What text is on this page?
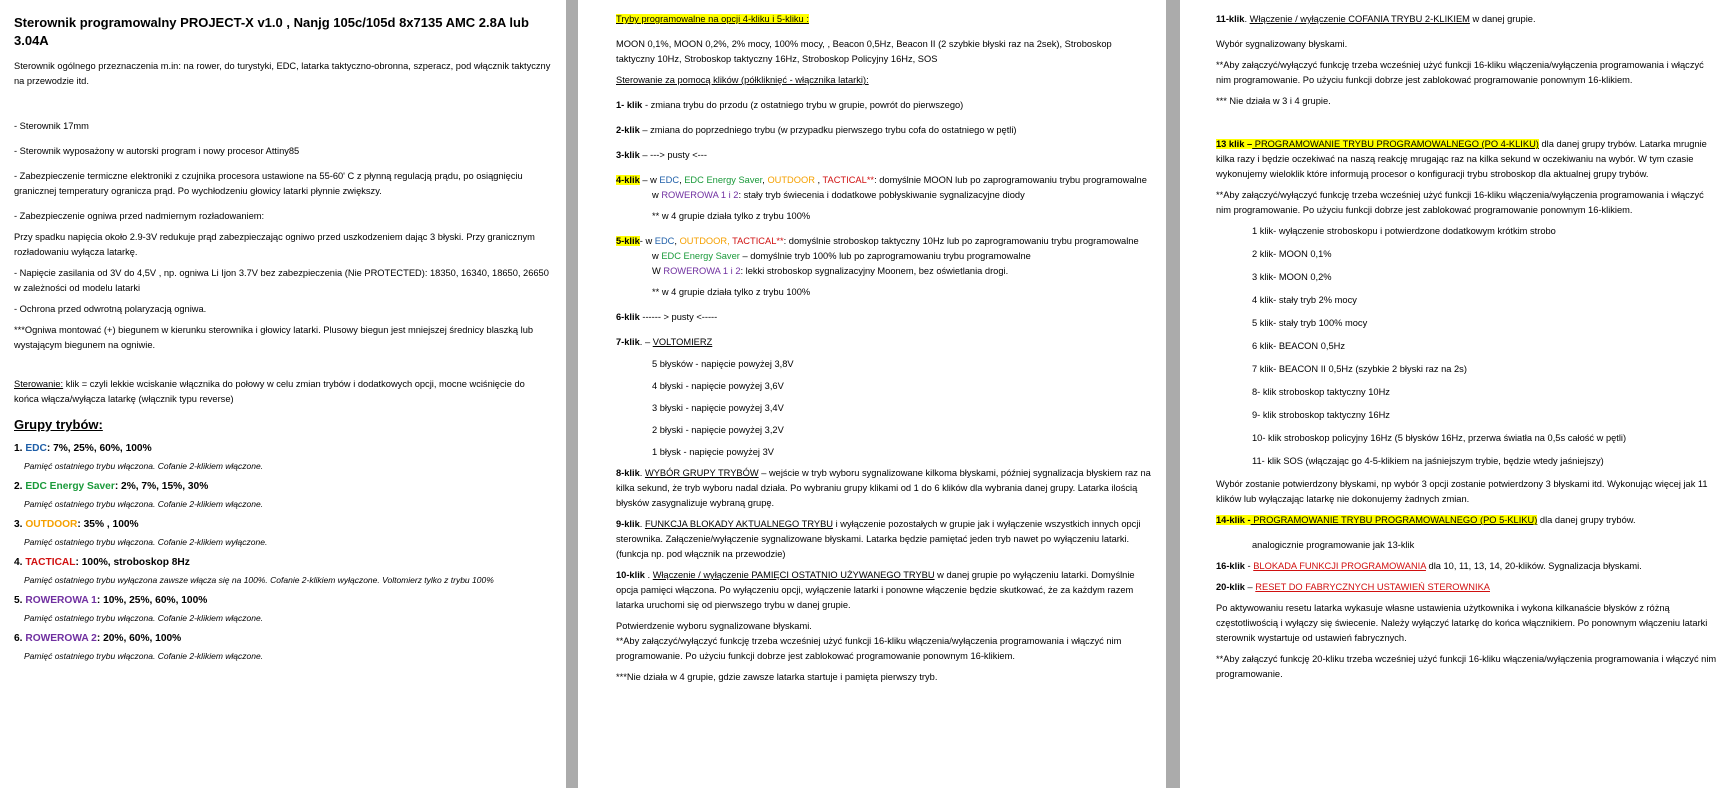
Sterownik programowalny PROJECT-X v1.0 , Nanjg 105c/105d 8x7135 AMC 2.8A lub 3.04A

Sterownik ogólnego przeznaczenia m.in: na rower, do turystyki, EDC, latarka taktyczno-obronna, szperacz, pod włącznik taktyczny na przewodzie itd.

- Sterownik 17mm

- Sterownik wyposażony w autorski program i nowy procesor Attiny85

- Zabezpieczenie termiczne elektroniki z czujnika procesora ustawione na 55-60' C z płynną regulacją prądu, po osiągnięciu granicznej temperatury ogranicza prąd. Po wychłodzeniu głowicy latarki płynnie zwiększy.

- Zabezpieczenie ogniwa przed nadmiernym rozładowaniem:

Przy spadku napięcia około 2.9-3V redukuje prąd zabezpieczając ogniwo przed uszkodzeniem dając 3 błyski. Przy granicznym rozładowaniu wyłącza latarkę.

- Napięcie zasilania od 3V do 4,5V , np. ogniwa Li Ijon 3.7V bez zabezpieczenia (Nie PROTECTED): 18350, 16340, 18650, 26650 w zależności od modelu latarki

- Ochrona przed odwrotną polaryzacją ogniwa.

***Ogniwa montować (+) biegunem w kierunku sterownika i głowicy latarki. Plusowy biegun jest mniejszej średnicy blaszką lub wystającym biegunem na ogniwie.

Sterowanie: klik = czyli lekkie wciskanie włącznika do połowy w celu zmian trybów i dodatkowych opcji, mocne wciśnięcie do końca włącza/wyłącza latarkę (włącznik typu reverse)

Grupy trybów:

1. EDC: 7%, 25%, 60%, 100%

Pamięć ostatniego trybu włączona. Cofanie 2-klikiem włączone.

2. EDC Energy Saver: 2%, 7%, 15%, 30%

Pamięć ostatniego trybu włączona. Cofanie 2-klikiem włączone.

3. OUTDOOR: 35% , 100%

Pamięć ostatniego trybu włączona. Cofanie 2-klikiem wyłączone.

4. TACTICAL: 100%, stroboskop 8Hz

Pamięć ostatniego trybu wyłączona zawsze włącza się na 100%. Cofanie 2-klikiem wyłączone. Voltomierz tylko z trybu 100%

5. ROWEROWA 1: 10%, 25%, 60%, 100%

Pamięć ostatniego trybu włączona. Cofanie 2-klikiem włączone.

6. ROWEROWA 2: 20%, 60%, 100%

Pamięć ostatniego trybu włączona. Cofanie 2-klikiem włączone.

Tryby programowalne na opcji 4-kliku i 5-kliku :

MOON 0,1%, MOON 0,2%, 2% mocy, 100% mocy, , Beacon 0,5Hz, Beacon II (2 szybkie błyski raz na 2sek), Stroboskop taktyczny 10Hz, Stroboskop taktyczny 16Hz, Stroboskop Policyjny 16Hz, SOS

Sterowanie za pomocą klików (półkliknięć - włącznika latarki):

1- klik - zmiana trybu do przodu (z ostatniego trybu w grupie, powrót do pierwszego)

2-klik – zmiana do poprzedniego trybu (w przypadku pierwszego trybu cofa do ostatniego w pętli)

3-klik – ---> pusty <---

4-klik – w EDC, EDC Energy Saver, OUTDOOR , TACTICAL**: domyślnie MOON lub po zaprogramowaniu trybu programowalne

w ROWEROWA 1 i 2: stały tryb świecenia i dodatkowe pobłyskiwanie sygnalizacyjne diody

** w 4 grupie działa tylko z trybu 100%

5-klik- w EDC, OUTDOOR, TACTICAL**: domyślnie stroboskop taktyczny 10Hz lub po zaprogramowaniu trybu programowalne

w EDC Energy Saver – domyślnie tryb 100% lub po zaprogramowaniu trybu programowalne

W ROWEROWA 1 i 2: lekki stroboskop sygnalizacyjny Moonem, bez oświetlania drogi.

** w 4 grupie działa tylko z trybu 100%

6-klik ------ > pusty <-----

7-klik. – VOLTOMIERZ

5 błysków - napięcie powyżej 3,8V

4 błyski - napięcie powyżej 3,6V

3 błyski - napięcie powyżej 3,4V

2 błyski - napięcie powyżej 3,2V

1 błysk - napięcie powyżej 3V

8-klik. WYBÓR GRUPY TRYBÓW – wejście w tryb wyboru sygnalizowane kilkoma błyskami, później sygnalizacja błyskiem raz na kilka sekund, że tryb wyboru nadal działa. Po wybraniu grupy klikami od 1 do 6 klików dla wybrania danej grupy. Latarka ilością błysków zasygnalizuje wybraną grupę.

9-klik. FUNKCJA BLOKADY AKTUALNEGO TRYBU i wyłączenie pozostałych w grupie jak i wyłączenie wszystkich innych opcji sterownika. Załączenie/wyłączenie sygnalizowane błyskami. Latarka będzie pamiętać jeden tryb nawet po wyłączeniu latarki. (funkcja np. pod włącznik na przewodzie)

10-klik . Włączenie / wyłączenie PAMIĘCI OSTATNIO UŻYWANEGO TRYBU w danej grupie po wyłączeniu latarki. Domyślnie opcja pamięci włączona. Po wyłączeniu opcji, wyłączenie latarki i ponowne włączenie będzie skutkować, że za każdym razem latarka uruchomi się od pierwszego trybu w danej grupie.

Potwierdzenie wyboru sygnalizowane błyskami.

**Aby załączyć/wyłączyć funkcję trzeba wcześniej użyć funkcji 16-kliku włączenia/wyłączenia programowania i włączyć nim programowanie. Po użyciu funkcji dobrze jest zablokować programowanie ponownym 16-klikiem.

***Nie działa w 4 grupie, gdzie zawsze latarka startuje i pamięta pierwszy tryb.

11-klik. Włączenie / wyłączenie COFANIA TRYBU 2-KLIKIEM w danej grupie.

Wybór sygnalizowany błyskami.

**Aby załączyć/wyłączyć funkcję trzeba wcześniej użyć funkcji 16-kliku włączenia/wyłączenia programowania i włączyć nim programowanie. Po użyciu funkcji dobrze jest zablokować programowanie ponownym 16-klikiem.

*** Nie działa w 3 i 4 grupie.

13 klik – PROGRAMOWANIE TRYBU PROGRAMOWALNEGO (PO 4-KLIKU) dla danej grupy trybów. Latarka mrugnie kilka razy i będzie oczekiwać na naszą reakcję mrugając raz na kilka sekund w oczekiwaniu na wybór. W tym czasie wykonujemy wieloklik które informują procesor o konfiguracji trybu stroboskop dla aktualnej grupy trybów.

**Aby załączyć/wyłączyć funkcję trzeba wcześniej użyć funkcji 16-kliku włączenia/wyłączenia programowania i włączyć nim programowanie. Po użyciu funkcji dobrze jest zablokować programowanie ponownym 16-klikiem.

1 klik- wyłączenie stroboskopu i potwierdzone dodatkowym krótkim strobo

2 klik- MOON 0,1%

3 klik- MOON 0,2%

4 klik- stały tryb 2% mocy

5 klik- stały tryb 100% mocy

6 klik- BEACON 0,5Hz

7 klik- BEACON II 0,5Hz (szybkie 2 błyski raz na 2s)

8- klik stroboskop taktyczny 10Hz

9- klik stroboskop taktyczny 16Hz

10- klik stroboskop policyjny 16Hz (5 błysków 16Hz, przerwa światła na 0,5s całość w pętli)

11- klik SOS (włączając go 4-5-klikiem na jaśniejszym trybie, będzie wtedy jaśniejszy)

Wybór zostanie potwierdzony błyskami, np wybór 3 opcji zostanie potwierdzony 3 błyskami itd. Wykonując więcej jak 11 klików lub wyłączając latarkę nie dokonujemy żadnych zmian.

14-klik - PROGRAMOWANIE TRYBU PROGRAMOWALNEGO (PO 5-KLIKU) dla danej grupy trybów.

analogicznie programowanie jak 13-klik

16-klik - BLOKADA FUNKCJI PROGRAMOWANIA dla 10, 11, 13, 14, 20-klików. Sygnalizacja błyskami.

20-klik – RESET DO FABRYCZNYCH USTAWIEŃ STEROWNIKA

Po aktywowaniu resetu latarka wykasuje własne ustawienia użytkownika i wykona kilkanaście błysków z różną częstotliwością i wyłączy się świecenie. Należy wyłączyć latarkę do końca włącznikiem. Po ponownym włączeniu latarki sterownik wystartuje od ustawień fabrycznych.

**Aby załączyć funkcję 20-kliku trzeba wcześniej użyć funkcji 16-kliku włączenia/wyłączenia programowania i włączyć nim programowanie.
